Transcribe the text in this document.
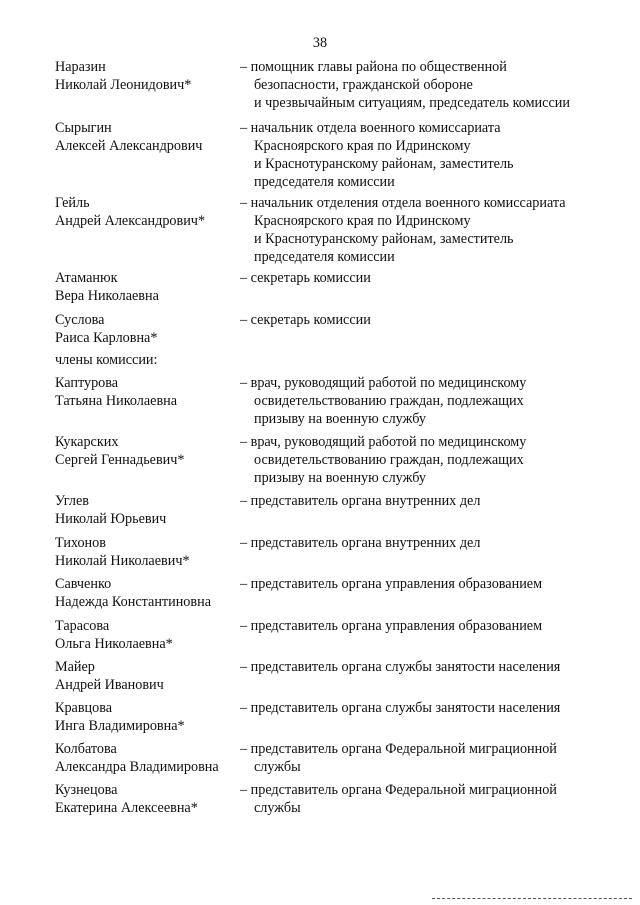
38
Наразин
Николай Леонидович*
– помощник главы района по общественной
безопасности, гражданской обороне
и чрезвычайным ситуациям, председатель комиссии
Сырыгин
Алексей Александрович
– начальник отдела военного комиссариата
Красноярского края по Идринскому
и Краснотуранскому районам, заместитель
председателя комиссии
Гейль
Андрей Александрович*
– начальник отделения отдела военного комиссариата
Красноярского края по Идринскому
и Краснотуранскому районам, заместитель
председателя комиссии
Атаманюк
Вера Николаевна
– секретарь комиссии
Суслова
Раиса Карловна*
– секретарь комиссии
Каптурова
Татьяна Николаевна
– врач, руководящий работой по медицинскому
освидетельствованию граждан, подлежащих
призыву на военную службу
Кукарских
Сергей Геннадьевич*
– врач, руководящий работой по медицинскому
освидетельствованию граждан, подлежащих
призыву на военную службу
Углев
Николай Юрьевич
– представитель органа внутренних дел
Тихонов
Николай Николаевич*
– представитель органа внутренних дел
Савченко
Надежда Константиновна
– представитель органа управления образованием
Тарасова
Ольга Николаевна*
– представитель органа управления образованием
Майер
Андрей Иванович
– представитель органа службы занятости населения
Кравцова
Инга Владимировна*
– представитель органа службы занятости населения
Колбатова
Александра Владимировна
– представитель органа Федеральной миграционной
службы
Кузнецова
Екатерина Алексеевна*
– представитель органа Федеральной миграционной
службы
члены комиссии:
